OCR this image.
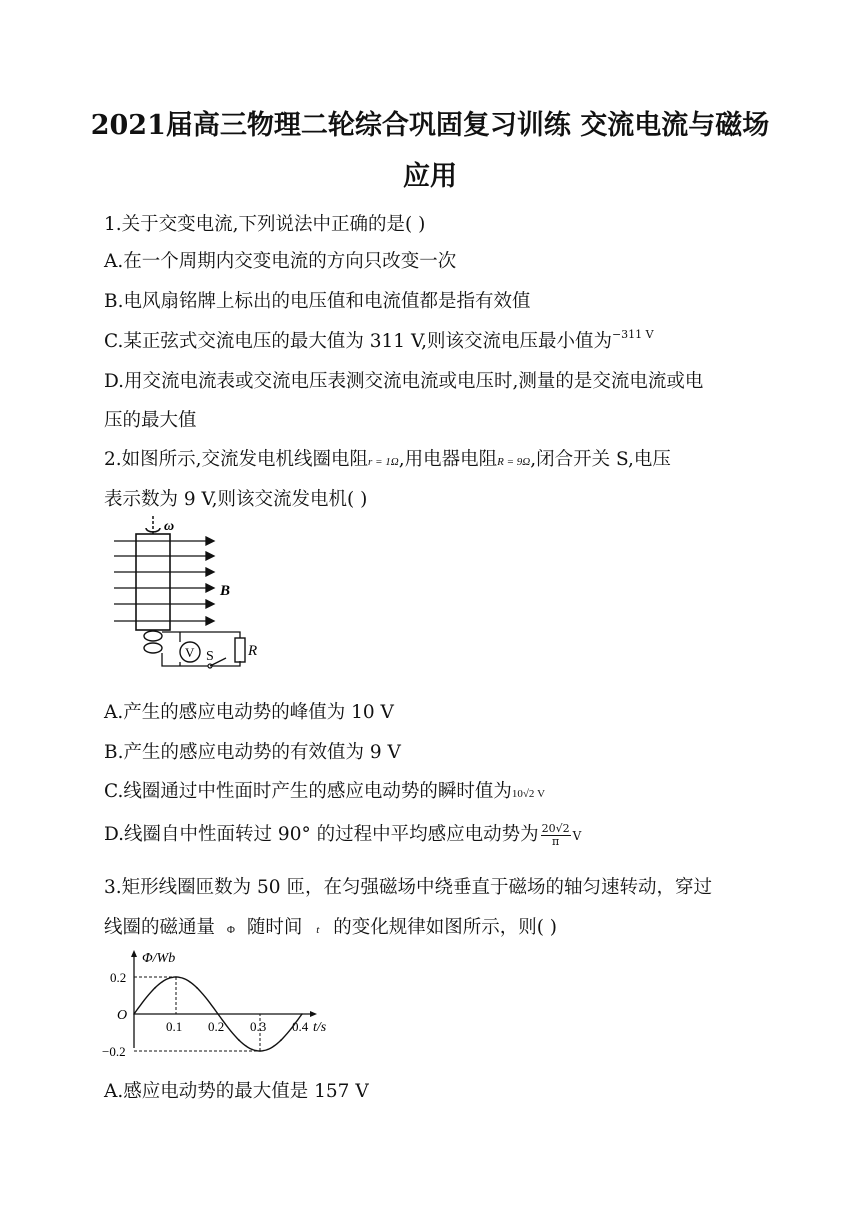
2021届高三物理二轮综合巩固复习训练 交流电流与磁场
应用
1.关于交变电流,下列说法中正确的是( )
A.在一个周期内交变电流的方向只改变一次
B.电风扇铭牌上标出的电压值和电流值都是指有效值
C.某正弦式交流电压的最大值为 311 V,则该交流电压最小值为$^{-311 V}$
D.用交流电流表或交流电压表测交流电流或电压时,测量的是交流电流或电
压的最大值
2.如图所示,交流发电机线圈电阻r = 1Ω,用电器电阻R = 9Ω,闭合开关 S,电压
表示数为 9 V,则该交流发电机( )
ω
B
R
V S
A.产生的感应电动势的峰值为 10 V
B.产生的感应电动势的有效值为 9 V
C.线圈通过中性面时产生的感应电动势的瞬时值为10√2 V
D.线圈自中性面转过 90° 的过程中平均感应电动势为 $\frac{20√2}{\pi}$ V
3.矩形线圈匝数为 50 匝，在匀强磁场中绕垂直于磁场的轴匀速转动，穿过
线圈的磁通量 Φ 随时间 t 的变化规律如图所示，则( )
Φ/Wb
t/s
O
0.2
−0.2
0.1 0.2 0.3 0.4
A.感应电动势的最大值是 157 V
